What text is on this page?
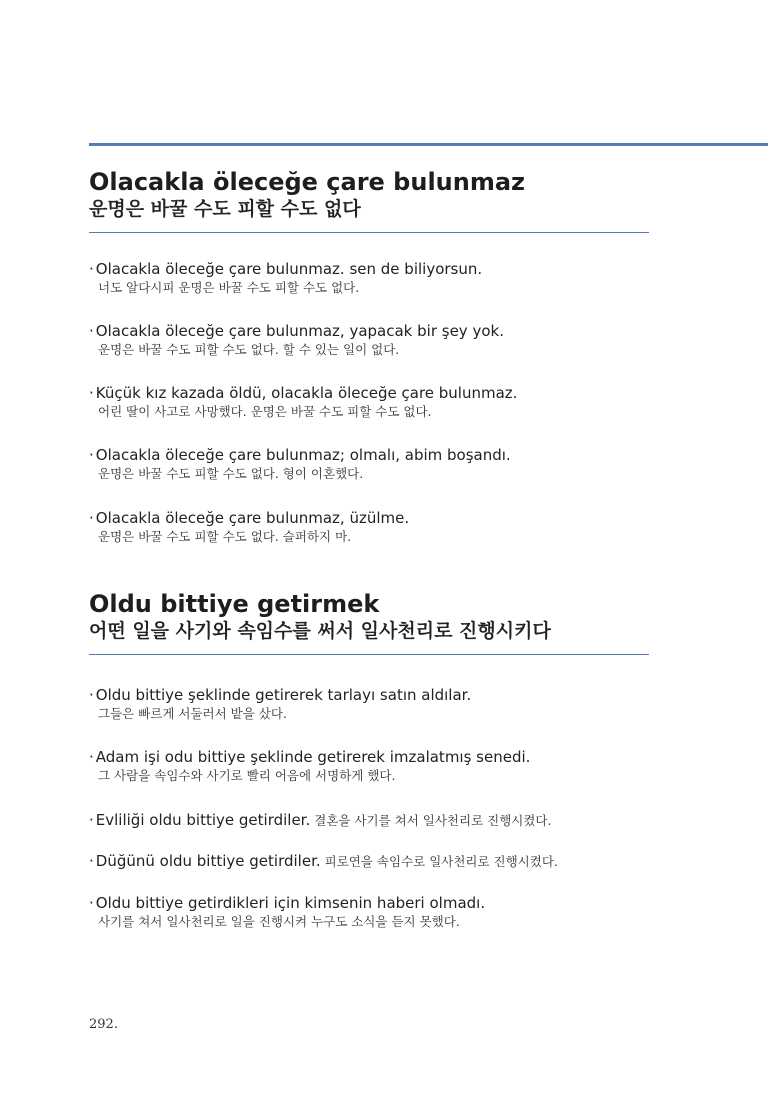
Olacakla öleceğe çare bulunmaz
운명은 바꿀 수도 피할 수도 없다
· Olacakla öleceğe çare bulunmaz. sen de biliyorsun.
너도 알다시피 운명은 바꿀 수도 피할 수도 없다.
· Olacakla öleceğe çare bulunmaz, yapacak bir şey yok.
운명은 바꿀 수도 피할 수도 없다. 할 수 있는 일이 없다.
· Küçük kız kazada öldü, olacakla öleceğe çare bulunmaz.
어린 딸이 사고로 사망했다. 운명은 바꿀 수도 피할 수도 없다.
· Olacakla öleceğe çare bulunmaz; olmalı, abim boşandı.
운명은 바꿀 수도 피할 수도 없다. 형이 이혼했다.
· Olacakla öleceğe çare bulunmaz, üzülme.
운명은 바꿀 수도 피할 수도 없다. 슬퍼하지 마.
Oldu bittiye getirmek
어떤 일을 사기와 속임수를 써서 일사천리로 진행시키다
· Oldu bittiye şeklinde getirerek tarlayı satın aldılar.
그들은 빠르게 서둘러서 밭을 샀다.
· Adam işi odu bittiye şeklinde getirerek imzalatmış senedi.
그 사람을 속임수와 사기로 빨리 어음에 서명하게 했다.
· Evliliği oldu bittiye getirdiler. 결혼을 사기를 쳐서 일사천리로 진행시켰다.
· Düğünü oldu bittiye getirdiler. 피로연을 속임수로 일사천리로 진행시켰다.
· Oldu bittiye getirdikleri için kimsenin haberi olmadı.
사기를 쳐서 일사천리로 일을 진행시켜 누구도 소식을 듣지 못했다.
292.
